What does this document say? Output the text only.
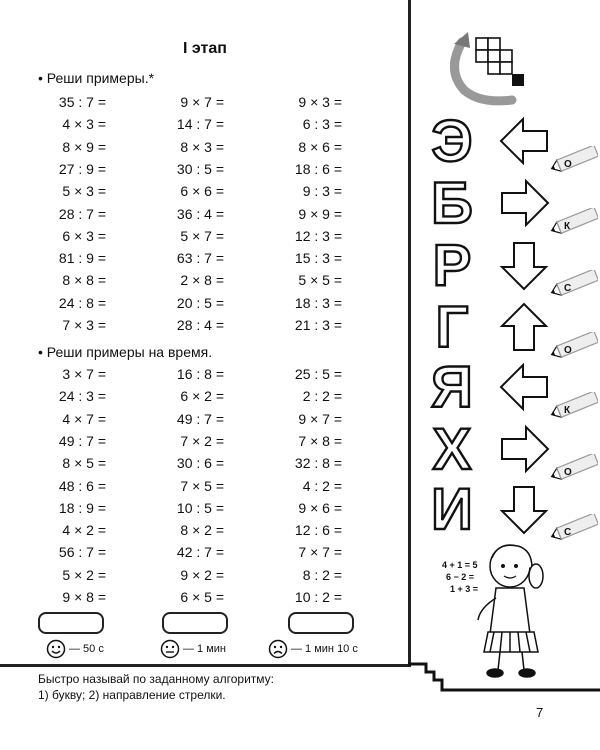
I этап
• Реши примеры.*
35 : 7 =	9 × 7 =	9 × 3 =
4 × 3 =	14 : 7 =	6 : 3 =
8 × 9 =	8 × 3 =	8 × 6 =
27 : 9 =	30 : 5 =	18 : 6 =
5 × 3 =	6 × 6 =	9 : 3 =
28 : 7 =	36 : 4 =	9 × 9 =
6 × 3 =	5 × 7 =	12 : 3 =
81 : 9 =	63 : 7 =	15 : 3 =
8 × 8 =	2 × 8 =	5 × 5 =
24 : 8 =	20 : 5 =	18 : 3 =
7 × 3 =	28 : 4 =	21 : 3 =
• Реши примеры на время.
3 × 7 =	16 : 8 =	25 : 5 =
24 : 3 =	6 × 2 =	2 : 2 =
4 × 7 =	49 : 7 =	9 × 7 =
49 : 7 =	7 × 2 =	7 × 8 =
8 × 5 =	30 : 6 =	32 : 8 =
48 : 6 =	7 × 5 =	4 : 2 =
18 : 9 =	10 : 5 =	9 × 6 =
4 × 2 =	8 × 2 =	12 : 6 =
56 : 7 =	42 : 7 =	7 × 7 =
5 × 2 =	9 × 2 =	8 : 2 =
9 × 8 =	6 × 5 =	10 : 2 =
— 50 с	— 1 мин	— 1 мин 10 с
Быстро называй по заданному алгоритму:
1) букву; 2) направление стрелки.
7
Э	О
Б	К
Р	С
Г	О
Я	К
Х	О
И	С
4 + 1 = 5
6 − 2 =
1 + 3 =
